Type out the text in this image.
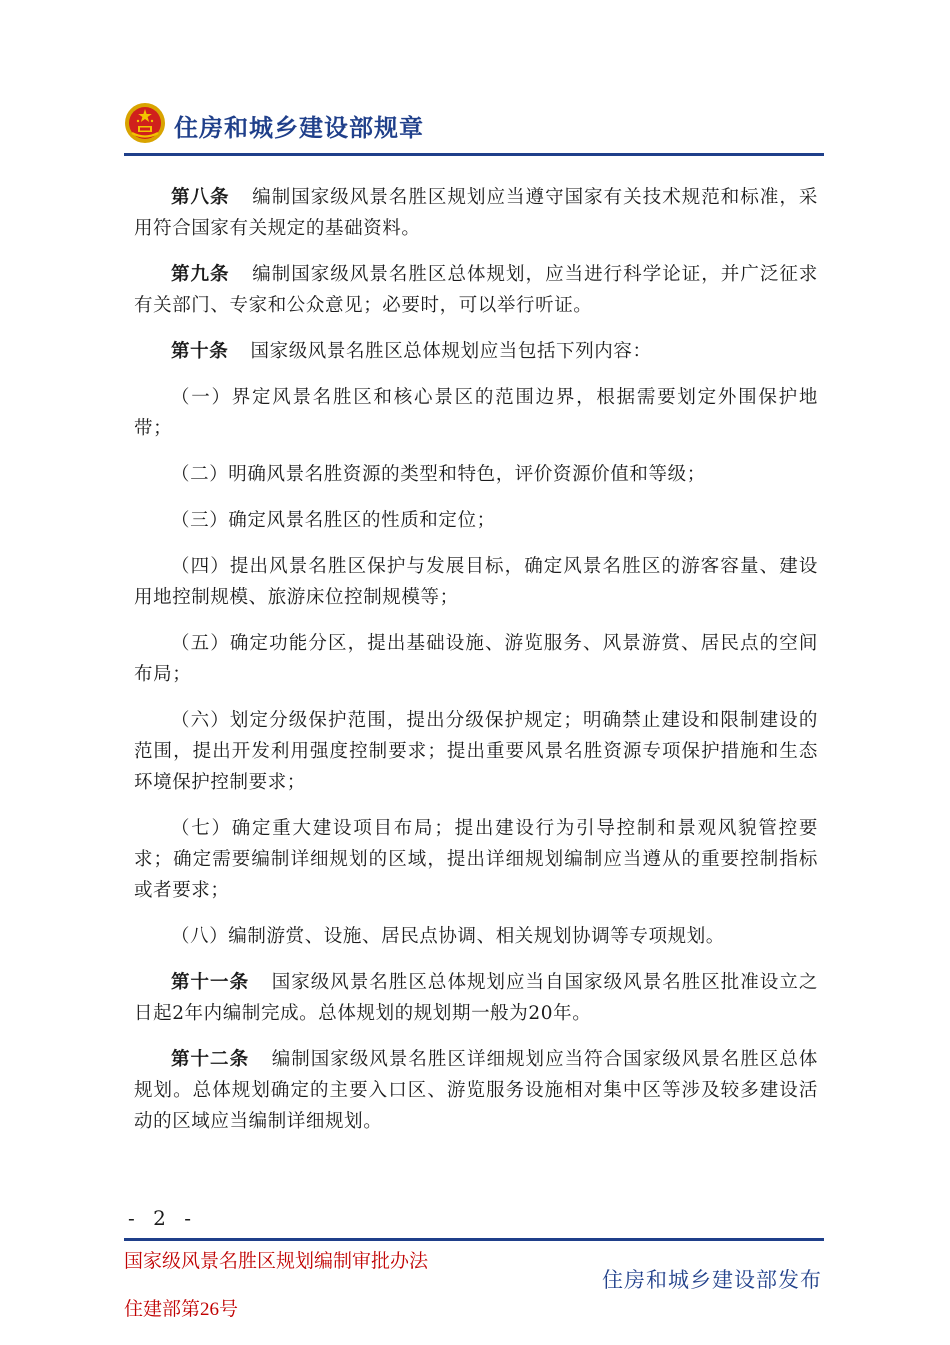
住房和城乡建设部规章

第八条 编制国家级风景名胜区规划应当遵守国家有关技术规范和标准，采用符合国家有关规定的基础资料。

第九条 编制国家级风景名胜区总体规划，应当进行科学论证，并广泛征求有关部门、专家和公众意见；必要时，可以举行听证。

第十条 国家级风景名胜区总体规划应当包括下列内容：

（一）界定风景名胜区和核心景区的范围边界，根据需要划定外围保护地带；

（二）明确风景名胜资源的类型和特色，评价资源价值和等级；

（三）确定风景名胜区的性质和定位；

（四）提出风景名胜区保护与发展目标，确定风景名胜区的游客容量、建设用地控制规模、旅游床位控制规模等；

（五）确定功能分区，提出基础设施、游览服务、风景游赏、居民点的空间布局；

（六）划定分级保护范围，提出分级保护规定；明确禁止建设和限制建设的范围，提出开发利用强度控制要求；提出重要风景名胜资源专项保护措施和生态环境保护控制要求；

（七）确定重大建设项目布局；提出建设行为引导控制和景观风貌管控要求；确定需要编制详细规划的区域，提出详细规划编制应当遵从的重要控制指标或者要求；

（八）编制游赏、设施、居民点协调、相关规划协调等专项规划。

第十一条 国家级风景名胜区总体规划应当自国家级风景名胜区批准设立之日起2年内编制完成。总体规划的规划期一般为20年。

第十二条 编制国家级风景名胜区详细规划应当符合国家级风景名胜区总体规划。总体规划确定的主要入口区、游览服务设施相对集中区等涉及较多建设活动的区域应当编制详细规划。

- 2 -
国家级风景名胜区规划编制审批办法
住建部第26号
住房和城乡建设部发布
